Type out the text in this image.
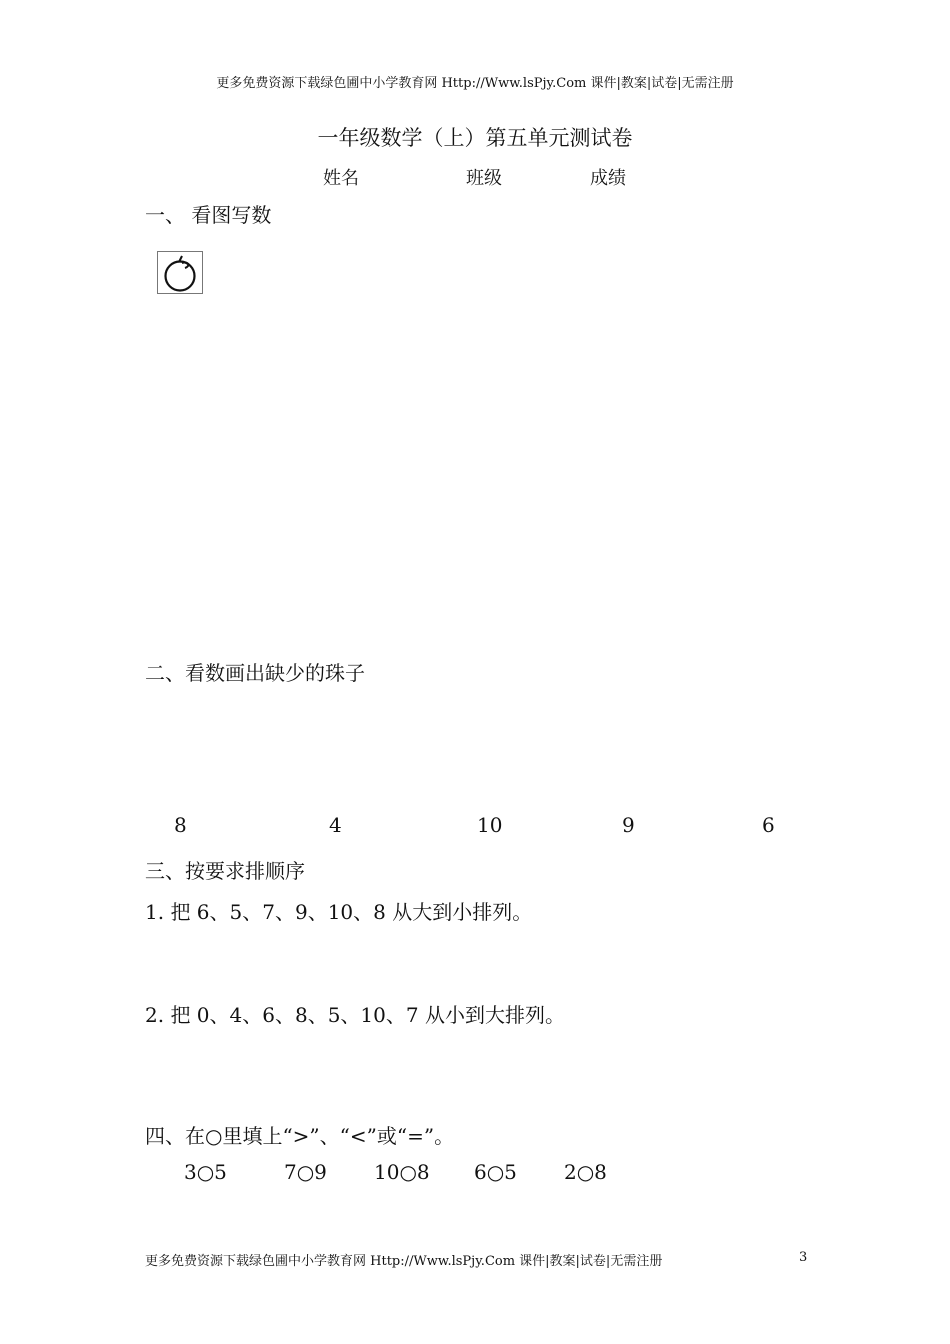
更多免费资源下载绿色圃中小学教育网 Http://Www.lsPjy.Com 课件|教案|试卷|无需注册
一年级数学（上）第五单元测试卷
姓名	班级	成绩
一、 看图写数
二、看数画出缺少的珠子
8	4	10	9	6
三、按要求排顺序
1. 把 6、5、7、9、10、8 从大到小排列。
2. 把 0、4、6、8、5、10、7 从小到大排列。
四、在○里填上“>”、“<”或“=”。
3○5	7○9 10○8 6○5 2○8
更多免费资源下载绿色圃中小学教育网 Http://Www.lsPjy.Com 课件|教案|试卷|无需注册	3
